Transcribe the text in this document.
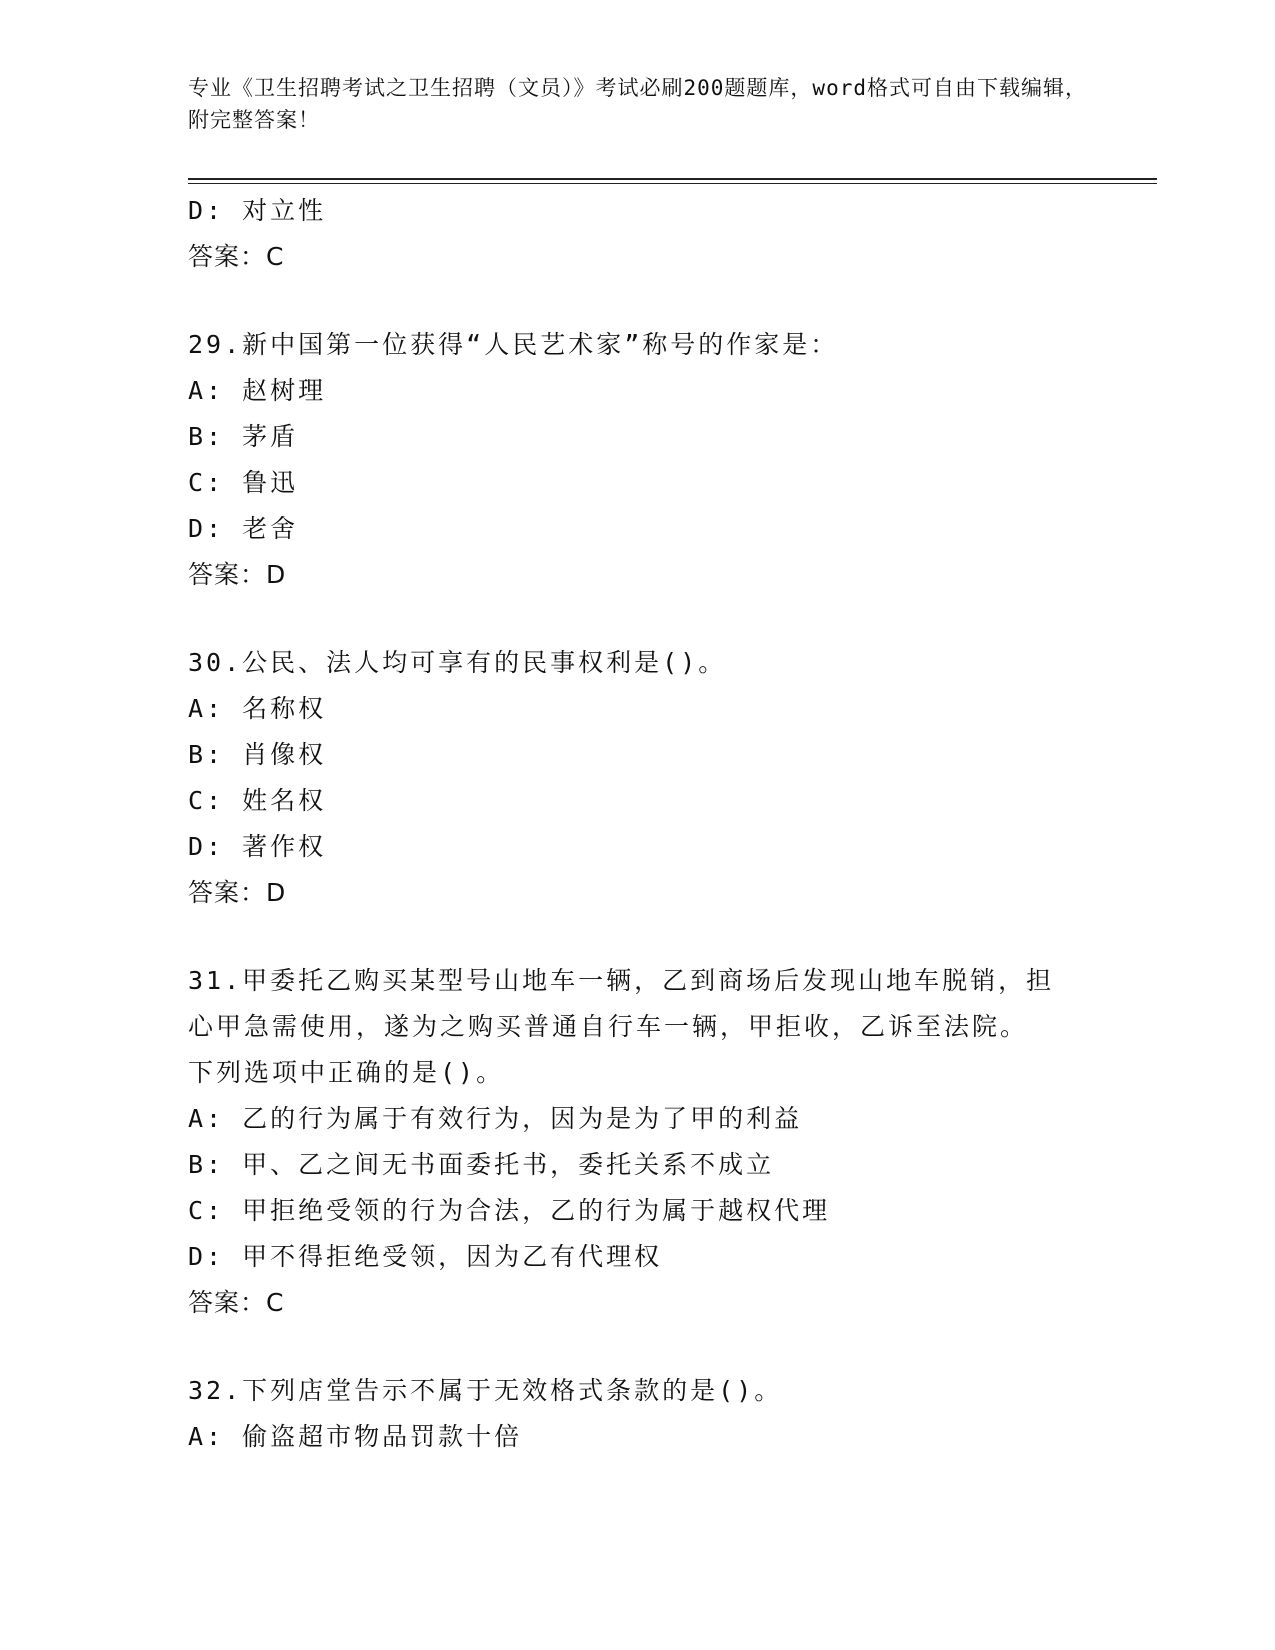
专业《卫生招聘考试之卫生招聘（文员）》考试必刷200题题库，word格式可自由下载编辑，附完整答案！
D: 对立性
答案：C
29.新中国第一位获得“人民艺术家”称号的作家是：
A: 赵树理
B: 茅盾
C: 鲁迅
D: 老舍
答案：D
30.公民、法人均可享有的民事权利是()。
A: 名称权
B: 肖像权
C: 姓名权
D: 著作权
答案：D
31.甲委托乙购买某型号山地车一辆，乙到商场后发现山地车脱销，担
心甲急需使用，遂为之购买普通自行车一辆，甲拒收，乙诉至法院。
下列选项中正确的是()。
A: 乙的行为属于有效行为，因为是为了甲的利益
B: 甲、乙之间无书面委托书，委托关系不成立
C: 甲拒绝受领的行为合法，乙的行为属于越权代理
D: 甲不得拒绝受领，因为乙有代理权
答案：C
32.下列店堂告示不属于无效格式条款的是()。
A: 偷盗超市物品罚款十倍
